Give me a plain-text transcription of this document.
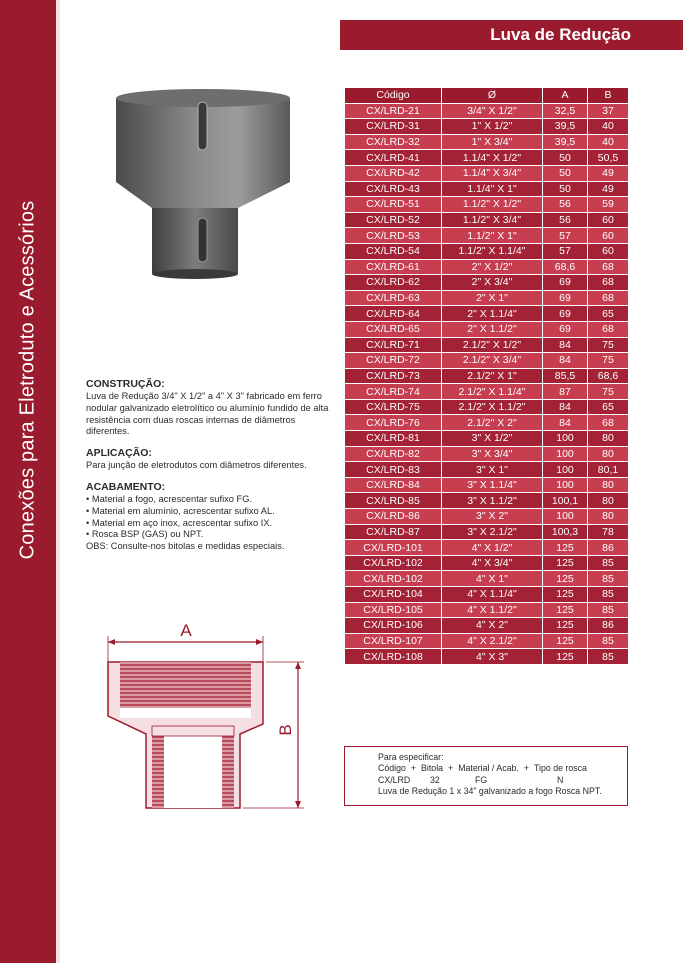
Conexões para Eletroduto e Acessórios
Luva de Redução
Código	Ø	A	B
CX/LRD-21	3/4" X 1/2"	32,5	37
CX/LRD-31	1" X 1/2"	39,5	40
CX/LRD-32	1" X 3/4"	39,5	40
CX/LRD-41	1.1/4" X 1/2"	50	50,5
CX/LRD-42	1.1/4" X 3/4"	50	49
CX/LRD-43	1.1/4" X 1"	50	49
CX/LRD-51	1.1/2" X 1/2"	56	59
CX/LRD-52	1.1/2" X 3/4"	56	60
CX/LRD-53	1.1/2" X 1"	57	60
CX/LRD-54	1.1/2" X 1.1/4"	57	60
CX/LRD-61	2" X 1/2"	68,6	68
CX/LRD-62	2" X 3/4"	69	68
CX/LRD-63	2" X 1"	69	68
CX/LRD-64	2" X 1.1/4"	69	65
CX/LRD-65	2" X 1.1/2"	69	68
CX/LRD-71	2.1/2" X 1/2"	84	75
CX/LRD-72	2.1/2" X 3/4"	84	75
CX/LRD-73	2.1/2" X 1"	85,5	68,6
CX/LRD-74	2.1/2" X 1.1/4"	87	75
CX/LRD-75	2.1/2" X 1.1/2"	84	65
CX/LRD-76	2.1/2" X 2"	84	68
CX/LRD-81	3" X 1/2"	100	80
CX/LRD-82	3" X 3/4"	100	80
CX/LRD-83	3" X 1"	100	80,1
CX/LRD-84	3" X 1.1/4"	100	80
CX/LRD-85	3" X 1.1/2"	100,1	80
CX/LRD-86	3" X 2"	100	80
CX/LRD-87	3" X 2.1/2"	100,3	78
CX/LRD-101	4" X 1/2"	125	86
CX/LRD-102	4" X 3/4"	125	85
CX/LRD-102	4" X 1"	125	85
CX/LRD-104	4" X 1.1/4"	125	85
CX/LRD-105	4" X 1.1/2"	125	85
CX/LRD-106	4" X 2"	125	86
CX/LRD-107	4" X 2.1/2"	125	85
CX/LRD-108	4" X 3"	125	85
CONSTRUÇÃO:

Luva de Redução 3/4" X 1/2" a 4" X 3" fabricado em ferro nodular galvanizado eletrolítico ou alumínio fundido de alta resistência com duas roscas internas de diâmetros diferentes.

APLICAÇÃO:

Para junção de eletrodutos com diâmetros diferentes.

ACABAMENTO:
• Material a fogo, acrescentar sufixo FG.
• Material em alumínio, acrescentar sufixo AL.
• Material em aço inox, acrescentar sufixo IX.
• Rosca BSP (GAS) ou NPT.

OBS: Consulte-nos bitolas e medidas especiais.

A
B
Para especificar:
Código + Bitola + Material / Acab. + Tipo de rosca
CX/LRD 32	FG	N
Luva de Redução 1 x 34" galvanizado a fogo Rosca NPT.
